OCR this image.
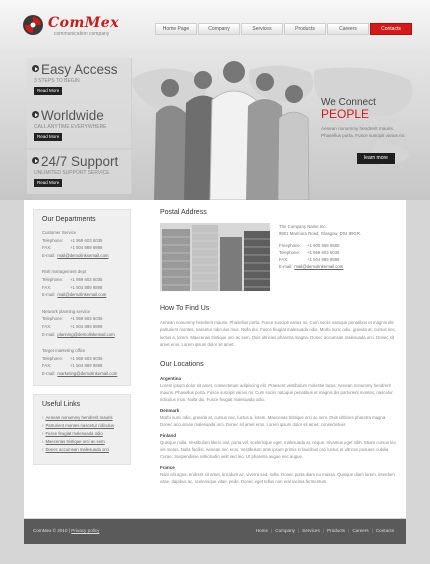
ComMex
communication company
Home Page	Company	Services	Products	Careers	Contacts
Easy Access
3 STEPS TO BEGIN
Read More
Worldwide
CALL ANYTIME EVERYWHERE
Read More
24/7 Support
UNLIMITED SUPPORT SERVICE
Read More
We Connect
PEOPLE
Aenean nonummy hendrerit mauris. Phasellus porta. Fusce suscipit varius mi.
learn more
Our Departments
Customer Service
Telephone: +1 959 603 6035
FAX:	+1 504 889 9898
E-mail: mail@demolinksemail.com
Risk management dept
Telephone: +1 959 603 6035
FAX:	+1 504 889 9898
E-mail: mail@demolinkemail.com
Network planning service
Telephone: +1 959 603 6035
FAX:	+1 504 889 9898
E-mail: planning@demolinkemail.com
Target marketing office
Telephone: +1 959 603 6035
FAX:	+1 504 889 9898
E-mail: marketing@demolinkemail.com
Useful Links
› Aenean nonummy hendrerit mauris
› Parturient montes nascetur ridiculus
› Fusce feugiat malesuada odio
› Maecenas tristique orci ac sem
› Donec accumsan malesuada orci
Postal Address
The Company Name Inc.
8901 Marmora Road, Glasgow, D04 89GR.
Freephone: +1 800 559 6580
Telephone: +1 959 603 6035
FAX:	+1 504 889 9898
E-mail: mail@demolinkemail.com
How To Find Us
Aenean nonummy hendrerit mauris. Phasellus porta. Fusce suscipit varius mi. Cum sociis natoque penatibus et magnis dis parturient montes, nascetur ridiculus mus. Nulla dui. Fusce feugiat malesuada odio. Morbi nunc odio, gravida at, cursus nec, luctus a, lorem. Maecenas tristique orci ac sem. Duis ultricies pharetra magna. Donec accumsan malesuada orci. Donec sit amet eros. Lorem ipsum dolor sit amet.
Our Locations
Argentina
Lorem ipsum dolor sit amet, consectetuer adipiscing elit. Praesent vestibulum molestie lacus. Aenean nonummy hendrerit mauris. Phasellus porta. Fusce suscipit varius mi. Cum sociis natoque penatibus et magnis dis parturient montes, nascetur ridiculus mus. Nulla dui. Fusce feugiat malesuada odio.
Denmark
Morbi nunc odio, gravida at, cursus nec, luctus a, lorem. Maecenas tristique orci ac sem. Duis ultricies pharetra magna. Donec accumsan malesuada orci. Donec sit amet eros. Lorem ipsum dolor sit amet, consectetuer.
Finland
Quisque nulla. Vestibulum libero nisl, porta vel, scelerisque eget, malesuada at, neque. Vivamus eget nibh. Etiam cursus leo vel metus. Nulla facilisi. Aenean nec eros. Vestibulum ante ipsum primis in faucibus orci luctus et ultrices posuere cubilia Curae; Suspendisse sollicitudin velit sed leo. Ut pharetra augue nec augue.
France
Nam elit agna, endrerit sit amet, tincidunt ac, viverra sed, nulla. Donec porta diam eu massa. Quisque diam lorem, interdum vitae, dapibus ac, scelerisque vitae, pede. Donec eget tellus non erat lacinia fermentum.
ComMex © 2010 | Privacy policy	Home | Company | Services | Products | Careers | Contacts
